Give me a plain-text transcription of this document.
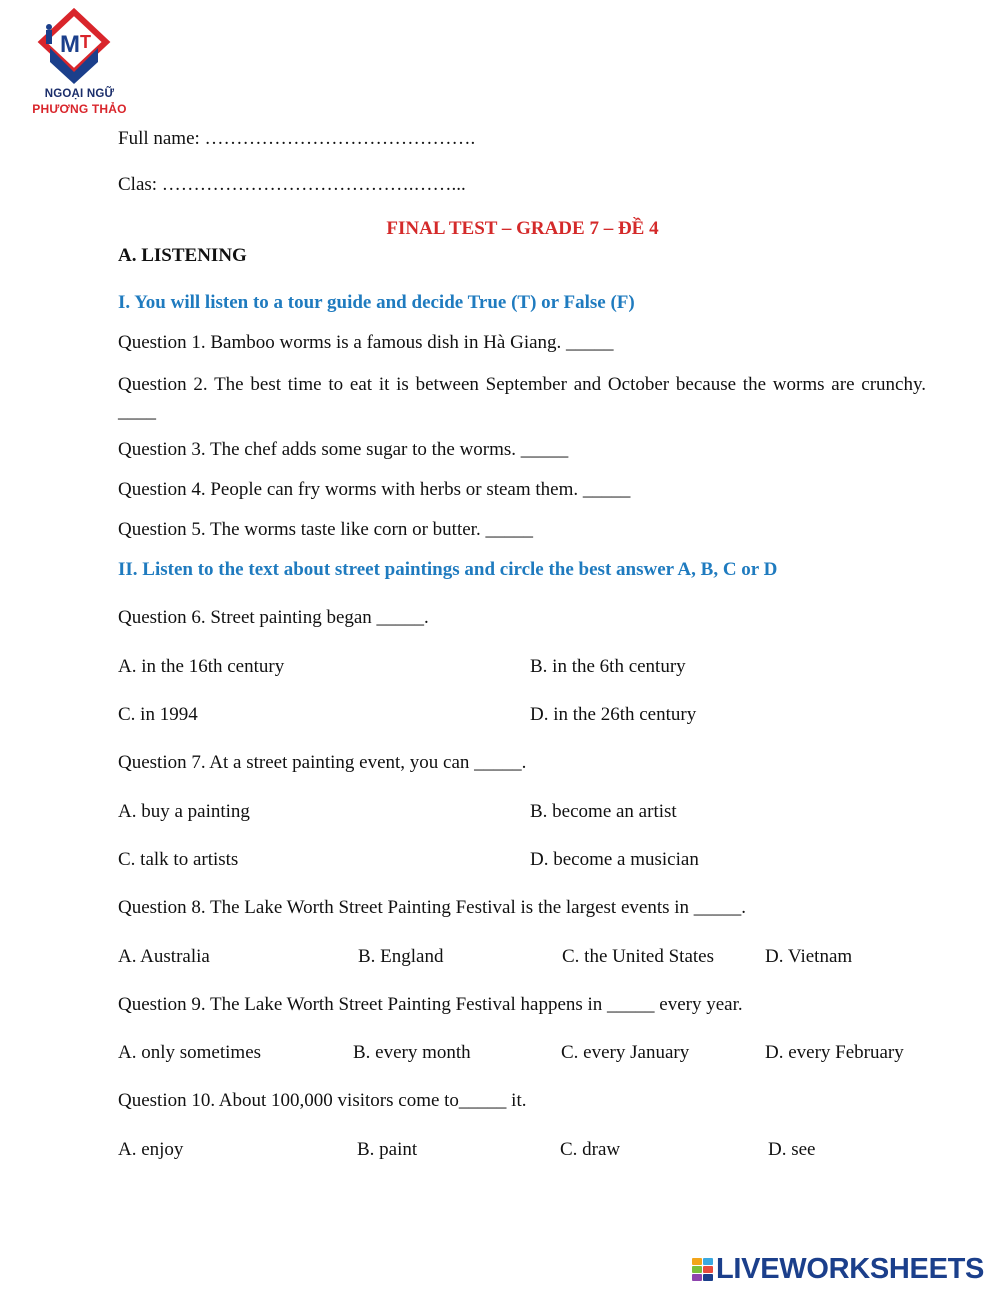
M T
NGOẠI NGỮ
PHƯƠNG THẢO
Full name: …………………………………….
Clas: ………………………………….……...
FINAL TEST – GRADE 7 – ĐỀ 4
A. LISTENING
I. You will listen to a tour guide and decide True (T) or False (F)
Question 1. Bamboo worms is a famous dish in Hà Giang. _____
Question 2. The best time to eat it is between September and October because the worms are crunchy. ____
Question 3. The chef adds some sugar to the worms. _____
Question 4. People can fry worms with herbs or steam them. _____
Question 5. The worms taste like corn or butter. _____
II. Listen to the text about street paintings and circle the best answer A, B, C or D
Question 6. Street painting began _____.
A. in the 16th century	B. in the 6th century
C. in 1994	D. in the 26th century
Question 7. At a street painting event, you can _____.
A. buy a painting	B. become an artist
C. talk to artists	D. become a musician
Question 8. The Lake Worth Street Painting Festival is the largest events in _____.
A. Australia	B. England	C. the United States	D. Vietnam
Question 9. The Lake Worth Street Painting Festival happens in _____ every year.
A. only sometimes	B. every month	C. every January	D. every February
Question 10. About 100,000 visitors come to_____ it.
A. enjoy	B. paint	C. draw	D. see
LIVEWORKSHEETS
